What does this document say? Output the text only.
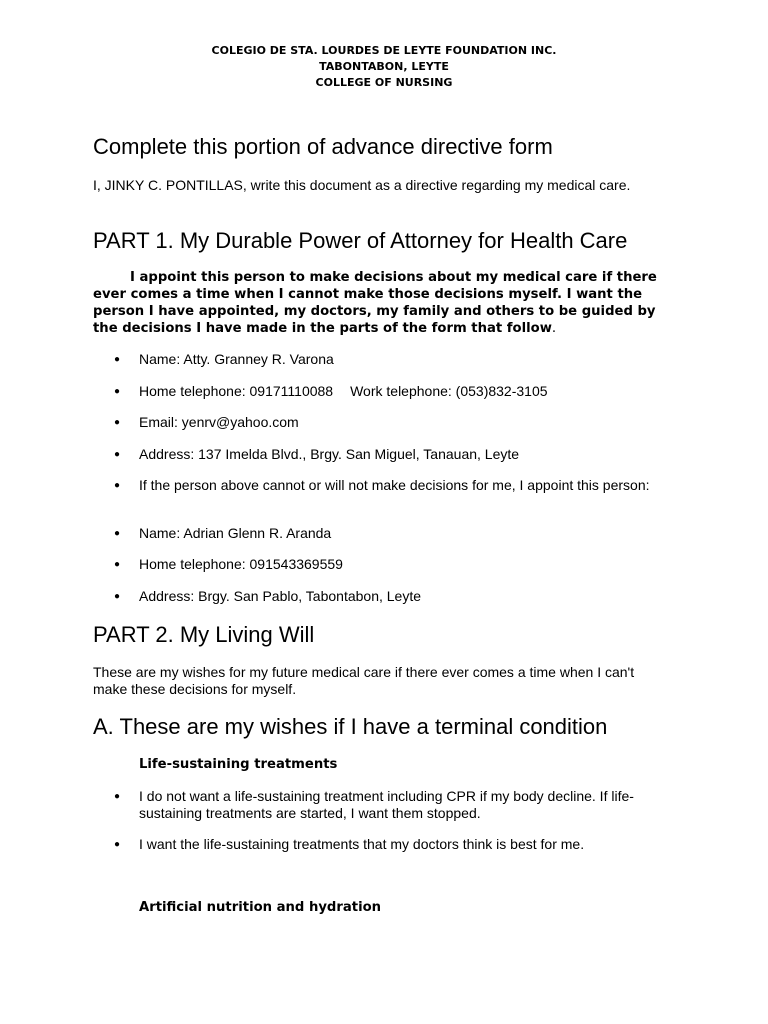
COLEGIO DE STA. LOURDES DE LEYTE FOUNDATION INC.
TABONTABON, LEYTE
COLLEGE OF NURSING
Complete this portion of advance directive form
I, JINKY C. PONTILLAS, write this document as a directive regarding my medical care.
PART 1. My Durable Power of Attorney for Health Care
I appoint this person to make decisions about my medical care if there ever comes a time when I cannot make those decisions myself. I want the person I have appointed, my doctors, my family and others to be guided by the decisions I have made in the parts of the form that follow.
●	Name: Atty. Granney R. Varona
●	Home telephone: 09171110088 Work telephone: (053)832-3105
●	Email: yenrv@yahoo.com
●	Address: 137 Imelda Blvd., Brgy. San Miguel, Tanauan, Leyte
●	If the person above cannot or will not make decisions for me, I appoint this person:
●	Name: Adrian Glenn R. Aranda
●	Home telephone: 091543369559
●	Address: Brgy. San Pablo, Tabontabon, Leyte
PART 2. My Living Will
These are my wishes for my future medical care if there ever comes a time when I can't make these decisions for myself.
A. These are my wishes if I have a terminal condition
Life-sustaining treatments
●	I do not want a life-sustaining treatment including CPR if my body decline. If life-sustaining treatments are started, I want them stopped.
●	I want the life-sustaining treatments that my doctors think is best for me.
Artificial nutrition and hydration
